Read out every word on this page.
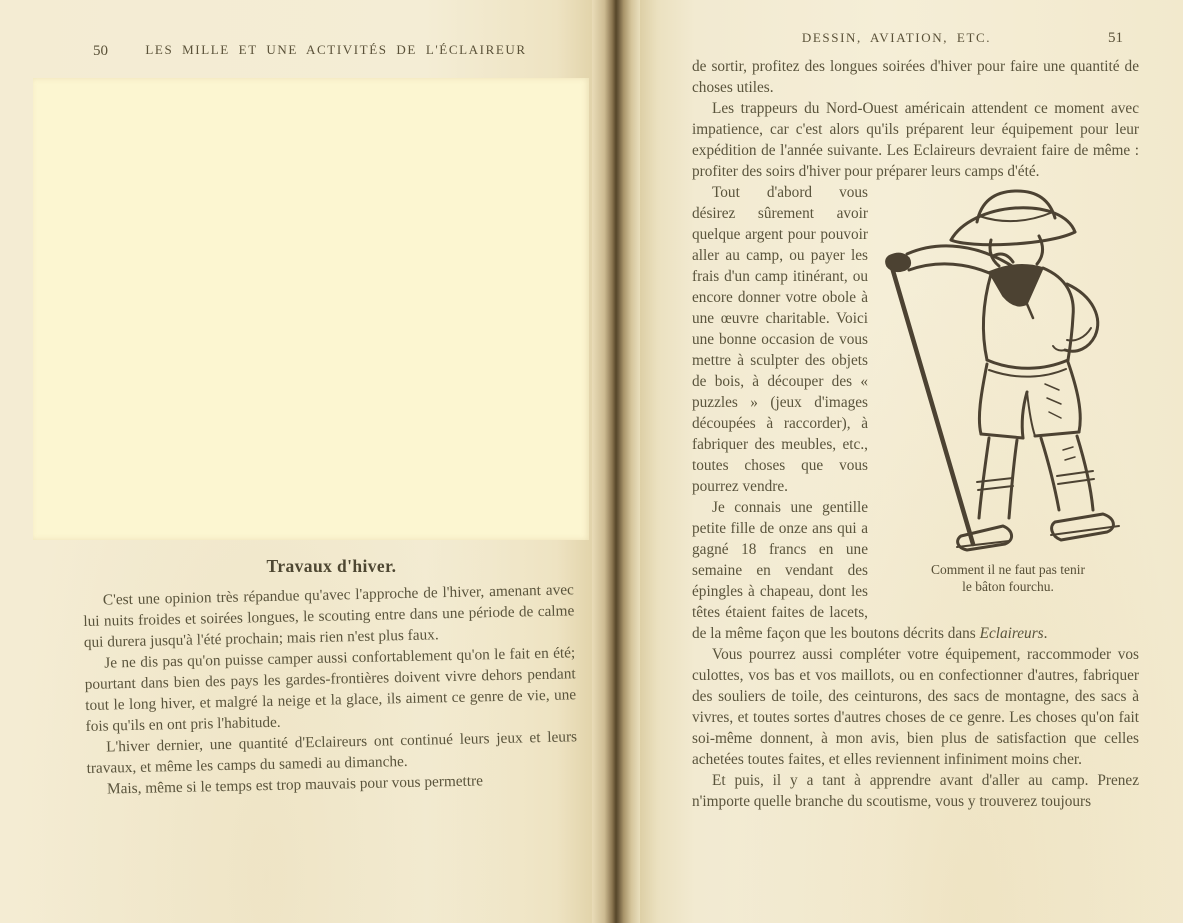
50	LES MILLE ET UNE ACTIVITÉS DE L'ÉCLAIREUR
Travaux d'hiver.

C'est une opinion très répandue qu'avec l'approche de l'hiver, amenant avec lui nuits froides et soirées longues, le scouting entre dans une période de calme qui durera jusqu'à l'été prochain; mais rien n'est plus faux.

Je ne dis pas qu'on puisse camper aussi confortablement qu'on le fait en été; pourtant dans bien des pays les gardes-frontières doivent vivre dehors pendant tout le long hiver, et malgré la neige et la glace, ils aiment ce genre de vie, une fois qu'ils en ont pris l'habitude.

L'hiver dernier, une quantité d'Eclaireurs ont continué leurs jeux et leurs travaux, et même les camps du samedi au dimanche.

Mais, même si le temps est trop mauvais pour vous permettre

DESSIN, AVIATION, ETC.	51

de sortir, profitez des longues soirées d'hiver pour faire une quantité de choses utiles.

Les trappeurs du Nord-Ouest américain attendent ce moment avec impatience, car c'est alors qu'ils préparent leur équipement pour leur expédition de l'année suivante. Les Eclaireurs devraient faire de même : profiter des soirs d'hiver pour préparer leurs camps d'été.

Comment il ne faut pas tenir
le bâton fourchu.

Tout d'abord vous désirez sûrement avoir quelque argent pour pouvoir aller au camp, ou payer les frais d'un camp itinérant, ou encore donner votre obole à une œuvre charitable. Voici une bonne occasion de vous mettre à sculpter des objets de bois, à découper des « puzzles » (jeux d'images découpées à raccorder), à fabriquer des meubles, etc., toutes choses que vous pourrez vendre.

Je connais une gentille petite fille de onze ans qui a gagné 18 francs en une semaine en vendant des épingles à chapeau, dont les têtes étaient faites de lacets, de la même façon que les boutons décrits dans Eclaireurs.

Vous pourrez aussi compléter votre équipement, raccommoder vos culottes, vos bas et vos maillots, ou en confectionner d'autres, fabriquer des souliers de toile, des ceinturons, des sacs de montagne, des sacs à vivres, et toutes sortes d'autres choses de ce genre. Les choses qu'on fait soi-même donnent, à mon avis, bien plus de satisfaction que celles achetées toutes faites, et elles reviennent infiniment moins cher.

Et puis, il y a tant à apprendre avant d'aller au camp. Prenez n'importe quelle branche du scoutisme, vous y trouverez toujours
